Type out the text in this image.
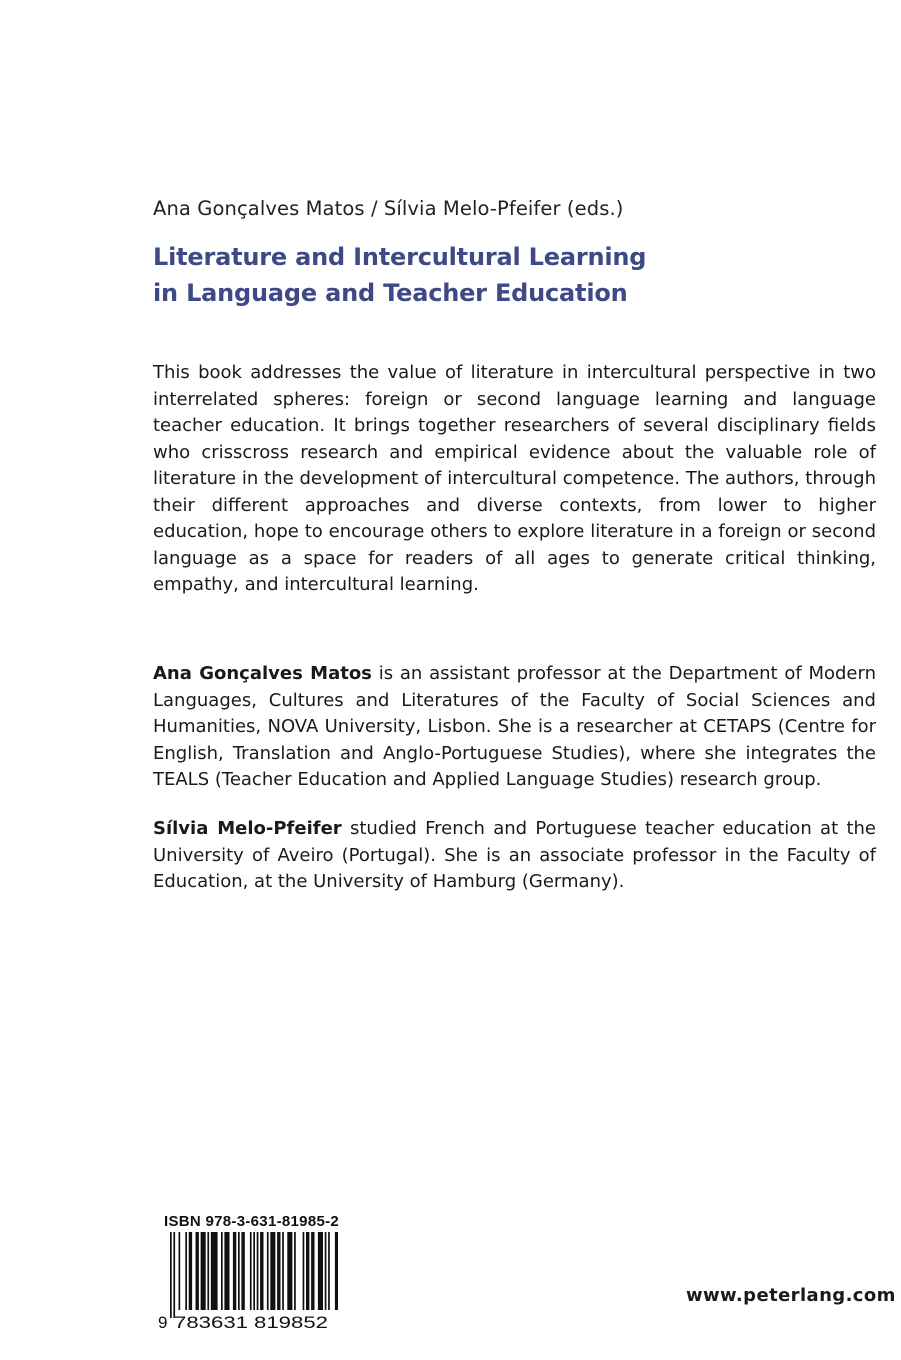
Ana Gonçalves Matos / Sílvia Melo-Pfeifer (eds.)
Literature and Intercultural Learning
in Language and Teacher Education
This book addresses the value of literature in intercultural perspective in two interrelated spheres: foreign or second language learning and language teacher education. It brings together researchers of several disciplinary fields who crisscross research and empirical evidence about the valuable role of literature in the development of intercultural competence. The authors, through their different approaches and diverse contexts, from lower to higher education, hope to encourage others to explore literature in a foreign or second language as a space for readers of all ages to generate critical thinking, empathy, and intercultural learning.
Ana Gonçalves Matos is an assistant professor at the Department of Modern Languages, Cultures and Literatures of the Faculty of Social Sciences and Humanities, NOVA University, Lisbon. She is a researcher at CETAPS (Centre for English, Translation and Anglo-Portuguese Studies), where she integrates the TEALS (Teacher Education and Applied Language Studies) research group.
Sílvia Melo-Pfeifer studied French and Portuguese teacher education at the University of Aveiro (Portugal). She is an associate professor in the Faculty of Education, at the University of Hamburg (Germany).
ISBN 978-3-631-81985-2
9 783631 819852
www.peterlang.com
